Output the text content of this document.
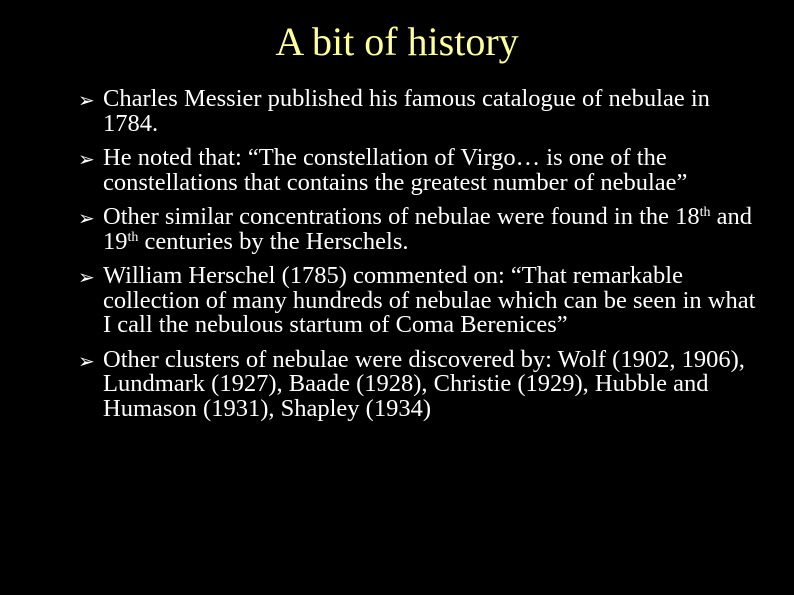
A bit of history
➢ Charles Messier published his famous catalogue of nebulae in 1784.
➢ He noted that: “The constellation of Virgo… is one of the constellations that contains the greatest number of nebulae”
➢ Other similar concentrations of nebulae were found in the 18th and 19th centuries by the Herschels.
➢ William Herschel (1785) commented on: “That remarkable collection of many hundreds of nebulae which can be seen in what I call the nebulous startum of Coma Berenices”
➢ Other clusters of nebulae were discovered by: Wolf (1902, 1906), Lundmark (1927), Baade (1928), Christie (1929), Hubble and Humason (1931), Shapley (1934)
